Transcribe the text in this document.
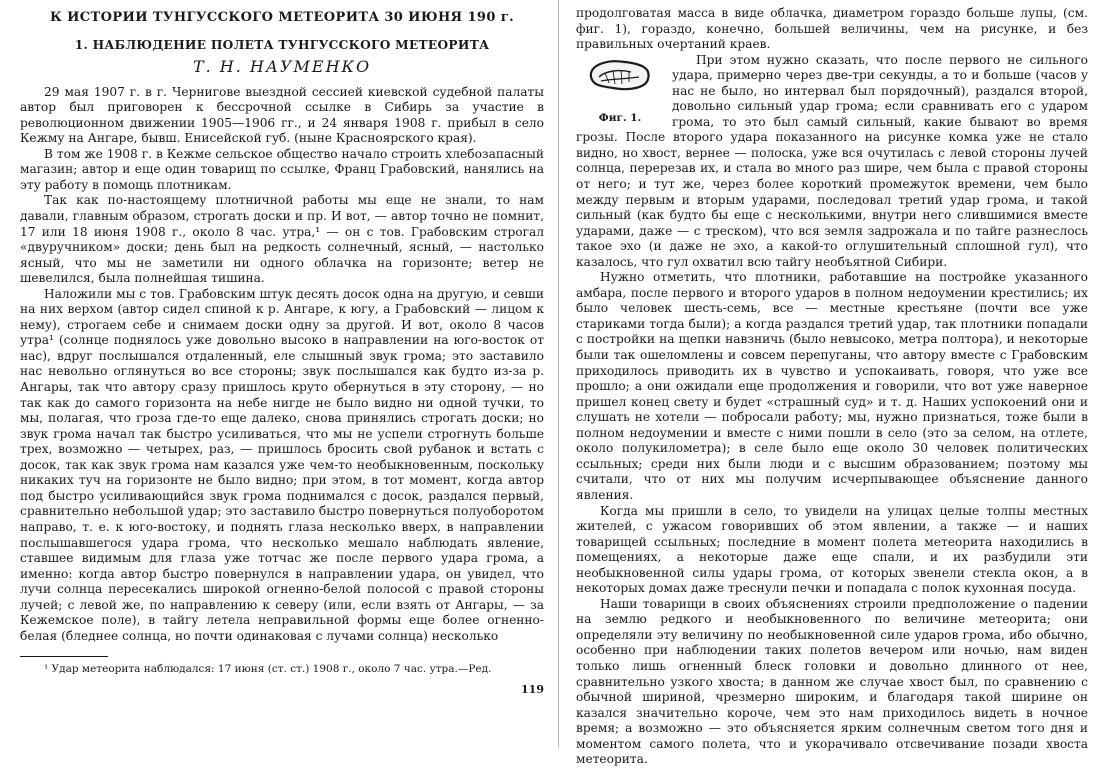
К ИСТОРИИ ТУНГУССКОГО МЕТЕОРИТА 30 ИЮНЯ 190 г.
1. НАБЛЮДЕНИЕ ПОЛЕТА ТУНГУССКОГО МЕТЕОРИТА
Т. Н. НАУМЕНКО

29 мая 1907 г. в г. Чернигове выездной сессией киевской судебной палаты автор был приговорен к бессрочной ссылке в Сибирь за участие в революционном движении 1905—1906 гг., и 24 января 1908 г. прибыл в село Кежму на Ангаре, бывш. Енисейской губ. (ныне Красноярского края).

В том же 1908 г. в Кежме сельское общество начало строить хлебозапасный магазин; автор и еще один товарищ по ссылке, Франц Грабовский, нанялись на эту работу в помощь плотникам.

Так как по-настоящему плотничной работы мы еще не знали, то нам давали, главным образом, строгать доски и пр. И вот, — автор точно не помнит, 17 или 18 июня 1908 г., около 8 час. утра,¹ — он с тов. Грабовским строгал «двуручником» доски; день был на редкость солнечный, ясный, — настолько ясный, что мы не заметили ни одного облачка на горизонте; ветер не шевелился, была полнейшая тишина.

Наложили мы с тов. Грабовским штук десять досок одна на другую, и севши на них верхом (автор сидел спиной к р. Ангаре, к югу, а Грабовский — лицом к нему), строгаем себе и снимаем доски одну за другой. И вот, около 8 часов утра¹ (солнце поднялось уже довольно высоко в направлении на юго-восток от нас), вдруг послышался отдаленный, еле слышный звук грома; это заставило нас невольно оглянуться во все стороны; звук послышался как будто из-за р. Ангары, так что автору сразу пришлось круто обернуться в эту сторону, — но так как до самого горизонта на небе нигде не было видно ни одной тучки, то мы, полагая, что гроза где-то еще далеко, снова принялись строгать доски; но звук грома начал так быстро усиливаться, что мы не успели строгнуть больше трех, возможно — четырех, раз, — пришлось бросить свой рубанок и встать с досок, так как звук грома нам казался уже чем-то необыкновенным, поскольку никаких туч на горизонте не было видно; при этом, в тот момент, когда автор под быстро усиливающийся звук грома поднимался с досок, раздался первый, сравнительно небольшой удар; это заставило быстро повернуться полуоборотом направо, т. е. к юго-востоку, и поднять глаза несколько вверх, в направлении послышавшегося удара грома, что несколько мешало наблюдать явление, ставшее видимым для глаза уже тотчас же после первого удара грома, а именно: когда автор быстро повернулся в направлении удара, он увидел, что лучи солнца пересекались широкой огненно-белой полосой с правой стороны лучей; с левой же, по направлению к северу (или, если взять от Ангары, — за Кежемское поле), в тайгу летела неправильной формы еще более огненно-белая (бледнее солнца, но почти одинаковая с лучами солнца) несколько

¹ Удар метеорита наблюдался: 17 июня (ст. ст.) 1908 г., около 7 час. утра.—Ред.

119

продолговатая масса в виде облачка, диаметром гораздо больше лупы, (см. фиг. 1), гораздо, конечно, большей величины, чем на рисунке, и без правильных очертаний краев.

Фиг. 1.

При этом нужно сказать, что после первого не сильного удара, примерно через две-три секунды, а то и больше (часов у нас не было, но интервал был порядочный), раздался второй, довольно сильный удар грома; если сравнивать его с ударом грома, то это был самый сильный, какие бывают во время грозы. После второго удара показанного на рисунке комка уже не стало видно, но хвост, вернее — полоска, уже вся очутилась с левой стороны лучей солнца, перерезав их, и стала во много раз шире, чем была с правой стороны от него; и тут же, через более короткий промежуток времени, чем было между первым и вторым ударами, последовал третий удар грома, и такой сильный (как будто бы еще с несколькими, внутри него слившимися вместе ударами, даже — с треском), что вся земля задрожала и по тайге разнеслось такое эхо (и даже не эхо, а какой-то оглушительный сплошной гул), что казалось, что гул охватил всю тайгу необъятной Сибири.

Нужно отметить, что плотники, работавшие на постройке указанного амбара, после первого и второго ударов в полном недоумении крестились; их было человек шесть-семь, все — местные крестьяне (почти все уже стариками тогда были); а когда раздался третий удар, так плотники попадали с постройки на щепки навзничь (было невысоко, метра полтора), и некоторые были так ошеломлены и совсем перепуганы, что автору вместе с Грабовским приходилось приводить их в чувство и успокаивать, говоря, что уже все прошло; а они ожидали еще продолжения и говорили, что вот уже наверное пришел конец свету и будет «страшный суд» и т. д. Наших успокоений они и слушать не хотели — побросали работу; мы, нужно признаться, тоже были в полном недоумении и вместе с ними пошли в село (это за селом, на отлете, около полукилометра); в селе было еще около 30 человек политических ссыльных; среди них были люди и с высшим образованием; поэтому мы считали, что от них мы получим исчерпывающее объяснение данного явления.

Когда мы пришли в село, то увидели на улицах целые толпы местных жителей, с ужасом говоривших об этом явлении, а также — и наших товарищей ссыльных; последние в момент полета метеорита находились в помещениях, а некоторые даже еще спали, и их разбудили эти необыкновенной силы удары грома, от которых звенели стекла окон, а в некоторых домах даже треснули печки и попадала с полок кухонная посуда.

Наши товарищи в своих объяснениях строили предположение о падении на землю редкого и необыкновенного по величине метеорита; они определяли эту величину по необыкновенной силе ударов грома, ибо обычно, особенно при наблюдении таких полетов вечером или ночью, нам виден только лишь огненный блеск головки и довольно длинного от нее, сравнительно узкого хвоста; в данном же случае хвост был, по сравнению с обычной шириной, чрезмерно широким, и благодаря такой ширине он казался значительно короче, чем это нам приходилось видеть в ночное время; а возможно — это объясняется ярким солнечным светом того дня и моментом самого полета, что и укорачивало отсвечивание позади хвоста метеорита.
